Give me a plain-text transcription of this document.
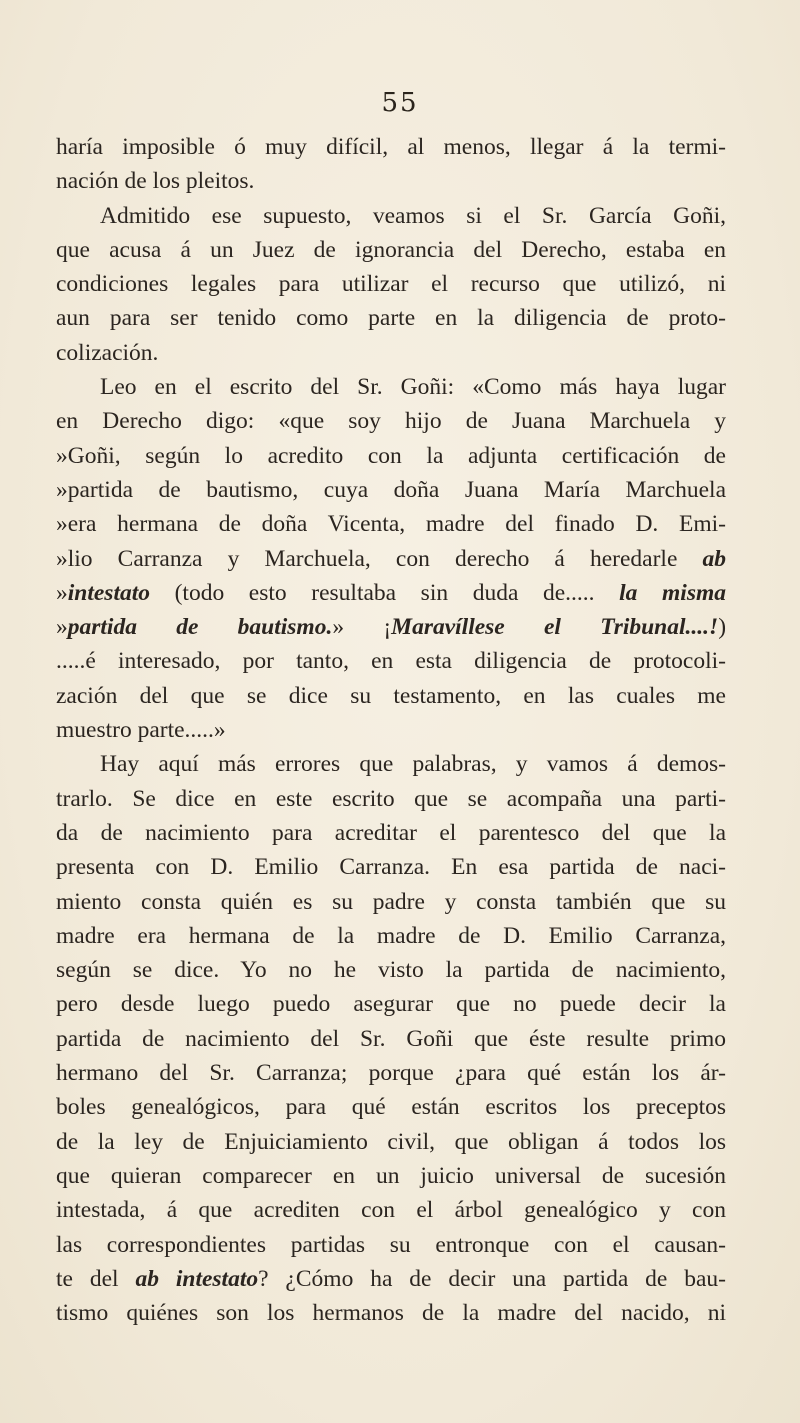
55
haría imposible ó muy difícil, al menos, llegar á la termi-
nación de los pleitos.
Admitido ese supuesto, veamos si el Sr. García Goñi,
que acusa á un Juez de ignorancia del Derecho, estaba en
condiciones legales para utilizar el recurso que utilizó, ni
aun para ser tenido como parte en la diligencia de proto-
colización.
Leo en el escrito del Sr. Goñi: «Como más haya lugar
en Derecho digo: «que soy hijo de Juana Marchuela y
»Goñi, según lo acredito con la adjunta certificación de
»partida de bautismo, cuya doña Juana María Marchuela
»era hermana de doña Vicenta, madre del finado D. Emi-
»lio Carranza y Marchuela, con derecho á heredarle ab
»intestato (todo esto resultaba sin duda de..... la misma
»partida de bautismo.» ¡Maravíllese el Tribunal....!)
.....é interesado, por tanto, en esta diligencia de protocoli-
zación del que se dice su testamento, en las cuales me
muestro parte.....»
Hay aquí más errores que palabras, y vamos á demos-
trarlo. Se dice en este escrito que se acompaña una parti-
da de nacimiento para acreditar el parentesco del que la
presenta con D. Emilio Carranza. En esa partida de naci-
miento consta quién es su padre y consta también que su
madre era hermana de la madre de D. Emilio Carranza,
según se dice. Yo no he visto la partida de nacimiento,
pero desde luego puedo asegurar que no puede decir la
partida de nacimiento del Sr. Goñi que éste resulte primo
hermano del Sr. Carranza; porque ¿para qué están los ár-
boles genealógicos, para qué están escritos los preceptos
de la ley de Enjuiciamiento civil, que obligan á todos los
que quieran comparecer en un juicio universal de sucesión
intestada, á que acrediten con el árbol genealógico y con
las correspondientes partidas su entronque con el causan-
te del ab intestato? ¿Cómo ha de decir una partida de bau-
tismo quiénes son los hermanos de la madre del nacido, ni
